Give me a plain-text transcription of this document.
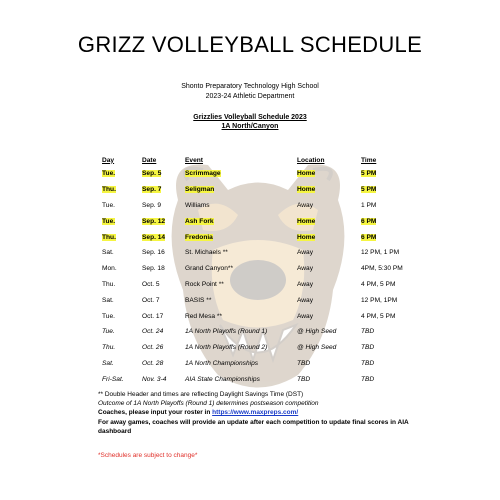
GRIZZ VOLLEYBALL SCHEDULE
Shonto Preparatory Technology High School
2023-24 Athletic Department
Grizzlies Volleyball Schedule 2023
1A North/Canyon
Day	Date	Event	Location	Time
Tue.	Sep. 5	Scrimmage	Home	5 PM
Thu.	Sep. 7	Seligman	Home	5 PM
Tue.	Sep. 9	Williams	Away	1 PM
Tue.	Sep. 12	Ash Fork	Home	6 PM
Thu.	Sep. 14	Fredonia	Home	6 PM
Sat.	Sep. 16	St. Michaels **	Away	12 PM, 1 PM
Mon.	Sep. 18	Grand Canyon**	Away	4PM, 5:30 PM
Thu.	Oct. 5	Rock Point **	Away	4 PM, 5 PM
Sat.	Oct. 7	BASIS **	Away	12 PM, 1PM
Tue.	Oct. 17	Red Mesa **	Away	4 PM, 5 PM
Tue.	Oct. 24	1A North Playoffs (Round 1)	@ High Seed	TBD
Thu.	Oct. 26	1A North Playoffs (Round 2)	@ High Seed	TBD
Sat.	Oct. 28	1A North Championships	TBD	TBD
Fri-Sat.	Nov. 3-4	AIA State Championships	TBD	TBD
** Double Header and times are reflecting Daylight Savings Time (DST)
Outcome of 1A North Playoffs (Round 1) determines postseason competition
Coaches, please input your roster in https://www.maxpreps.com/
For away games, coaches will provide an update after each competition to update final scores in AIA dashboard
*Schedules are subject to change*
